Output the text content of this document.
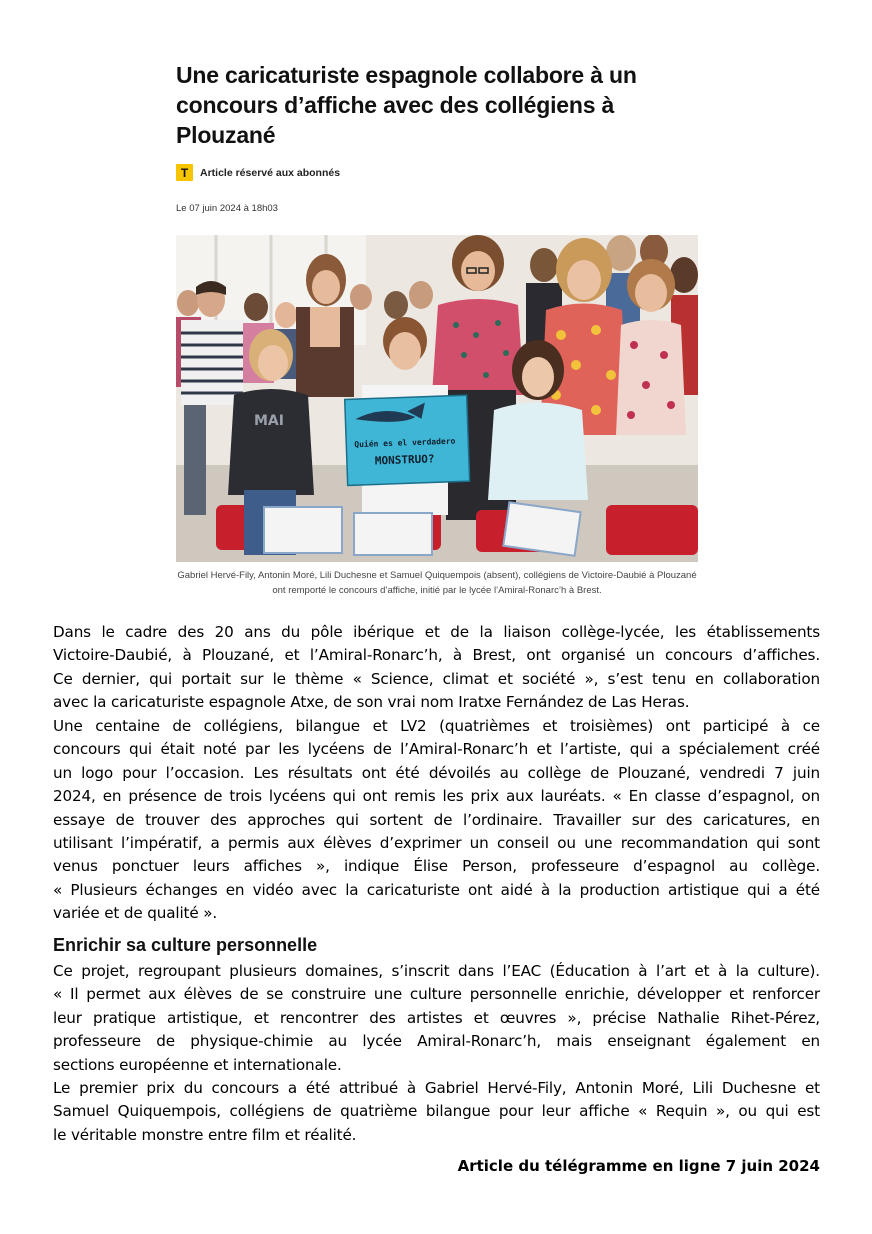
Une caricaturiste espagnole collabore à un concours d’affiche avec des collégiens à Plouzané
T	Article réservé aux abonnés
Le 07 juin 2024 à 18h03
MAI
Quién es el verdadero
MONSTRUO?

Gabriel Hervé-Fily, Antonin Moré, Lili Duchesne et Samuel Quiquempois (absent), collégiens de Victoire-Daubié à Plouzané ont remporté le concours d’affiche, initié par le lycée l’Amiral-Ronarc’h à Brest.

Dans le cadre des 20 ans du pôle ibérique et de la liaison collège-lycée, les établissements
Victoire-Daubié, à Plouzané, et l’Amiral-Ronarc’h, à Brest, ont organisé un concours d’affiches.
Ce dernier, qui portait sur le thème « Science, climat et société », s’est tenu en collaboration
avec la caricaturiste espagnole Atxe, de son vrai nom Iratxe Fernández de Las Heras.
Une centaine de collégiens, bilangue et LV2 (quatrièmes et troisièmes) ont participé à ce
concours qui était noté par les lycéens de l’Amiral-Ronarc’h et l’artiste, qui a spécialement créé
un logo pour l’occasion. Les résultats ont été dévoilés au collège de Plouzané, vendredi 7 juin
2024, en présence de trois lycéens qui ont remis les prix aux lauréats. « En classe d’espagnol, on
essaye de trouver des approches qui sortent de l’ordinaire. Travailler sur des caricatures, en
utilisant l’impératif, a permis aux élèves d’exprimer un conseil ou une recommandation qui sont
venus ponctuer leurs affiches », indique Élise Person, professeure d’espagnol au collège.
« Plusieurs échanges en vidéo avec la caricaturiste ont aidé à la production artistique qui a été
variée et de qualité ».
Enrichir sa culture personnelle
Ce projet, regroupant plusieurs domaines, s’inscrit dans l’EAC (Éducation à l’art et à la culture).
« Il permet aux élèves de se construire une culture personnelle enrichie, développer et renforcer
leur pratique artistique, et rencontrer des artistes et œuvres », précise Nathalie Rihet-Pérez,
professeure de physique-chimie au lycée Amiral-Ronarc’h, mais enseignant également en
sections européenne et internationale.
Le premier prix du concours a été attribué à Gabriel Hervé-Fily, Antonin Moré, Lili Duchesne et
Samuel Quiquempois, collégiens de quatrième bilangue pour leur affiche « Requin », ou qui est
le véritable monstre entre film et réalité.

Article du télégramme en ligne 7 juin 2024
